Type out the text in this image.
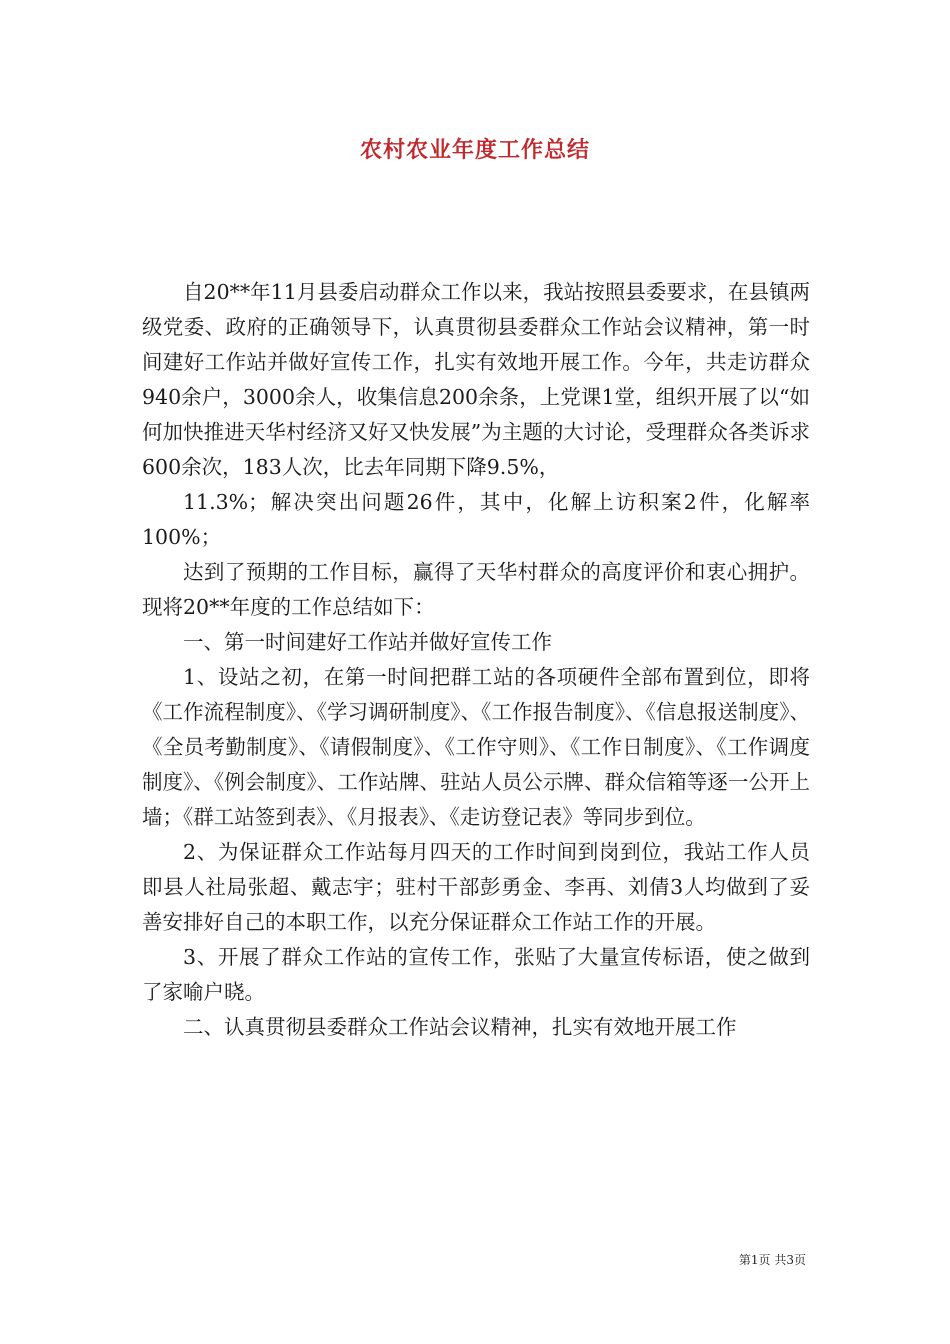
农村农业年度工作总结

自20**年11月县委启动群众工作以来，我站按照县委要求，在县镇两级党委、政府的正确领导下，认真贯彻县委群众工作站会议精神，第一时间建好工作站并做好宣传工作，扎实有效地开展工作。今年，共走访群众940余户，3000余人，收集信息200余条，上党课1堂，组织开展了以“如何加快推进天华村经济又好又快发展”为主题的大讨论，受理群众各类诉求600余次，183人次，比去年同期下降9.5%，

11.3%；解决突出问题26件，其中，化解上访积案2件，化解率100%；

达到了预期的工作目标，赢得了天华村群众的高度评价和衷心拥护。现将20**年度的工作总结如下：

一、第一时间建好工作站并做好宣传工作

1、设站之初，在第一时间把群工站的各项硬件全部布置到位，即将《工作流程制度》、《学习调研制度》、《工作报告制度》、《信息报送制度》、《全员考勤制度》、《请假制度》、《工作守则》、《工作日制度》、《工作调度制度》、《例会制度》、工作站牌、驻站人员公示牌、群众信箱等逐一公开上墙；《群工站签到表》、《月报表》、《走访登记表》等同步到位。

2、为保证群众工作站每月四天的工作时间到岗到位，我站工作人员即县人社局张超、戴志宇；驻村干部彭勇金、李再、刘倩3人均做到了妥善安排好自己的本职工作，以充分保证群众工作站工作的开展。

3、开展了群众工作站的宣传工作，张贴了大量宣传标语，使之做到了家喻户晓。

二、认真贯彻县委群众工作站会议精神，扎实有效地开展工作

第1页 共3页
